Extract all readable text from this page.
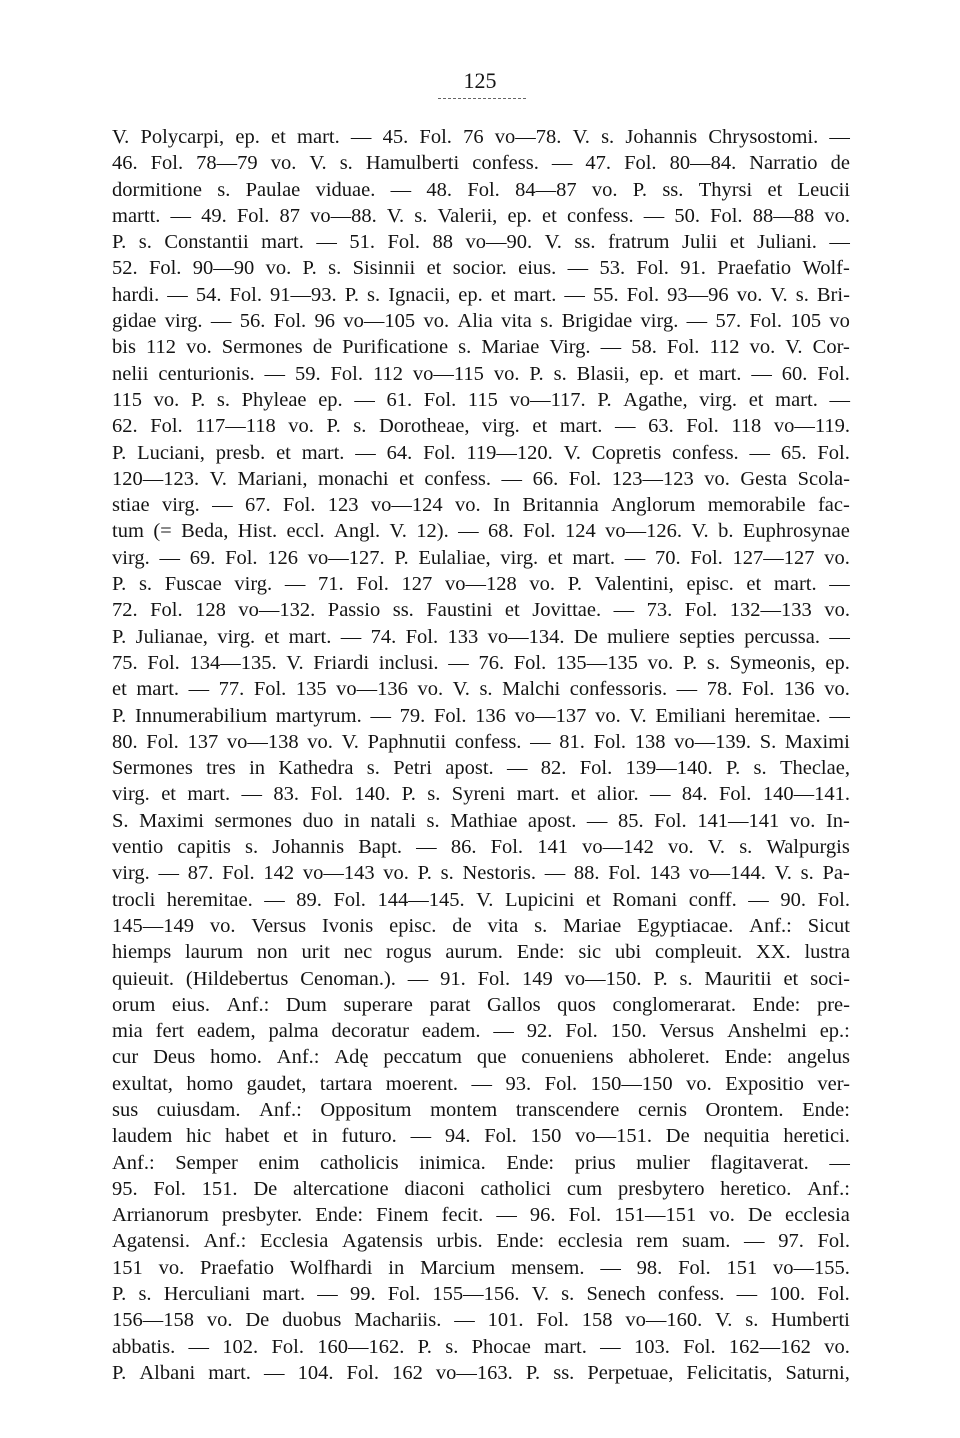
125
V. Polycarpi, ep. et mart. — 45. Fol. 76 vo—78. V. s. Johannis Chrysostomi. —
46. Fol. 78—79 vo. V. s. Hamulberti confess. — 47. Fol. 80—84. Narratio de
dormitione s. Paulae viduae. — 48. Fol. 84—87 vo. P. ss. Thyrsi et Leucii
martt. — 49. Fol. 87 vo—88. V. s. Valerii, ep. et confess. — 50. Fol. 88—88 vo.
P. s. Constantii mart. — 51. Fol. 88 vo—90. V. ss. fratrum Julii et Juliani. —
52. Fol. 90—90 vo. P. s. Sisinnii et socior. eius. — 53. Fol. 91. Praefatio Wolf-
hardi. — 54. Fol. 91—93. P. s. Ignacii, ep. et mart. — 55. Fol. 93—96 vo. V. s. Bri-
gidae virg. — 56. Fol. 96 vo—105 vo. Alia vita s. Brigidae virg. — 57. Fol. 105 vo
bis 112 vo. Sermones de Purificatione s. Mariae Virg. — 58. Fol. 112 vo. V. Cor-
nelii centurionis. — 59. Fol. 112 vo—115 vo. P. s. Blasii, ep. et mart. — 60. Fol.
115 vo. P. s. Phyleae ep. — 61. Fol. 115 vo—117. P. Agathe, virg. et mart. —
62. Fol. 117—118 vo. P. s. Dorotheae, virg. et mart. — 63. Fol. 118 vo—119.
P. Luciani, presb. et mart. — 64. Fol. 119—120. V. Copretis confess. — 65. Fol.
120—123. V. Mariani, monachi et confess. — 66. Fol. 123—123 vo. Gesta Scola-
stiae virg. — 67. Fol. 123 vo—124 vo. In Britannia Anglorum memorabile fac-
tum (= Beda, Hist. eccl. Angl. V. 12). — 68. Fol. 124 vo—126. V. b. Euphrosynae
virg. — 69. Fol. 126 vo—127. P. Eulaliae, virg. et mart. — 70. Fol. 127—127 vo.
P. s. Fuscae virg. — 71. Fol. 127 vo—128 vo. P. Valentini, episc. et mart. —
72. Fol. 128 vo—132. Passio ss. Faustini et Jovittae. — 73. Fol. 132—133 vo.
P. Julianae, virg. et mart. — 74. Fol. 133 vo—134. De muliere septies percussa. —
75. Fol. 134—135. V. Friardi inclusi. — 76. Fol. 135—135 vo. P. s. Symeonis, ep.
et mart. — 77. Fol. 135 vo—136 vo. V. s. Malchi confessoris. — 78. Fol. 136 vo.
P. Innumerabilium martyrum. — 79. Fol. 136 vo—137 vo. V. Emiliani heremitae. —
80. Fol. 137 vo—138 vo. V. Paphnutii confess. — 81. Fol. 138 vo—139. S. Maximi
Sermones tres in Kathedra s. Petri apost. — 82. Fol. 139—140. P. s. Theclae,
virg. et mart. — 83. Fol. 140. P. s. Syreni mart. et alior. — 84. Fol. 140—141.
S. Maximi sermones duo in natali s. Mathiae apost. — 85. Fol. 141—141 vo. In-
ventio capitis s. Johannis Bapt. — 86. Fol. 141 vo—142 vo. V. s. Walpurgis
virg. — 87. Fol. 142 vo—143 vo. P. s. Nestoris. — 88. Fol. 143 vo—144. V. s. Pa-
trocli heremitae. — 89. Fol. 144—145. V. Lupicini et Romani conff. — 90. Fol.
145—149 vo. Versus Ivonis episc. de vita s. Mariae Egyptiacae. Anf.: Sicut
hiemps laurum non urit nec rogus aurum. Ende: sic ubi compleuit. XX. lustra
quieuit. (Hildebertus Cenoman.). — 91. Fol. 149 vo—150. P. s. Mauritii et soci-
orum eius. Anf.: Dum superare parat Gallos quos conglomerarat. Ende: pre-
mia fert eadem, palma decoratur eadem. — 92. Fol. 150. Versus Anshelmi ep.:
cur Deus homo. Anf.: Adę peccatum que conueniens abholeret. Ende: angelus
exultat, homo gaudet, tartara moerent. — 93. Fol. 150—150 vo. Expositio ver-
sus cuiusdam. Anf.: Oppositum montem transcendere cernis Orontem. Ende:
laudem hic habet et in futuro. — 94. Fol. 150 vo—151. De nequitia heretici.
Anf.: Semper enim catholicis inimica. Ende: prius mulier flagitaverat. —
95. Fol. 151. De altercatione diaconi catholici cum presbytero heretico. Anf.:
Arrianorum presbyter. Ende: Finem fecit. — 96. Fol. 151—151 vo. De ecclesia
Agatensi. Anf.: Ecclesia Agatensis urbis. Ende: ecclesia rem suam. — 97. Fol.
151 vo. Praefatio Wolfhardi in Marcium mensem. — 98. Fol. 151 vo—155.
P. s. Herculiani mart. — 99. Fol. 155—156. V. s. Senech confess. — 100. Fol.
156—158 vo. De duobus Machariis. — 101. Fol. 158 vo—160. V. s. Humberti
abbatis. — 102. Fol. 160—162. P. s. Phocae mart. — 103. Fol. 162—162 vo.
P. Albani mart. — 104. Fol. 162 vo—163. P. ss. Perpetuae, Felicitatis, Saturni,
